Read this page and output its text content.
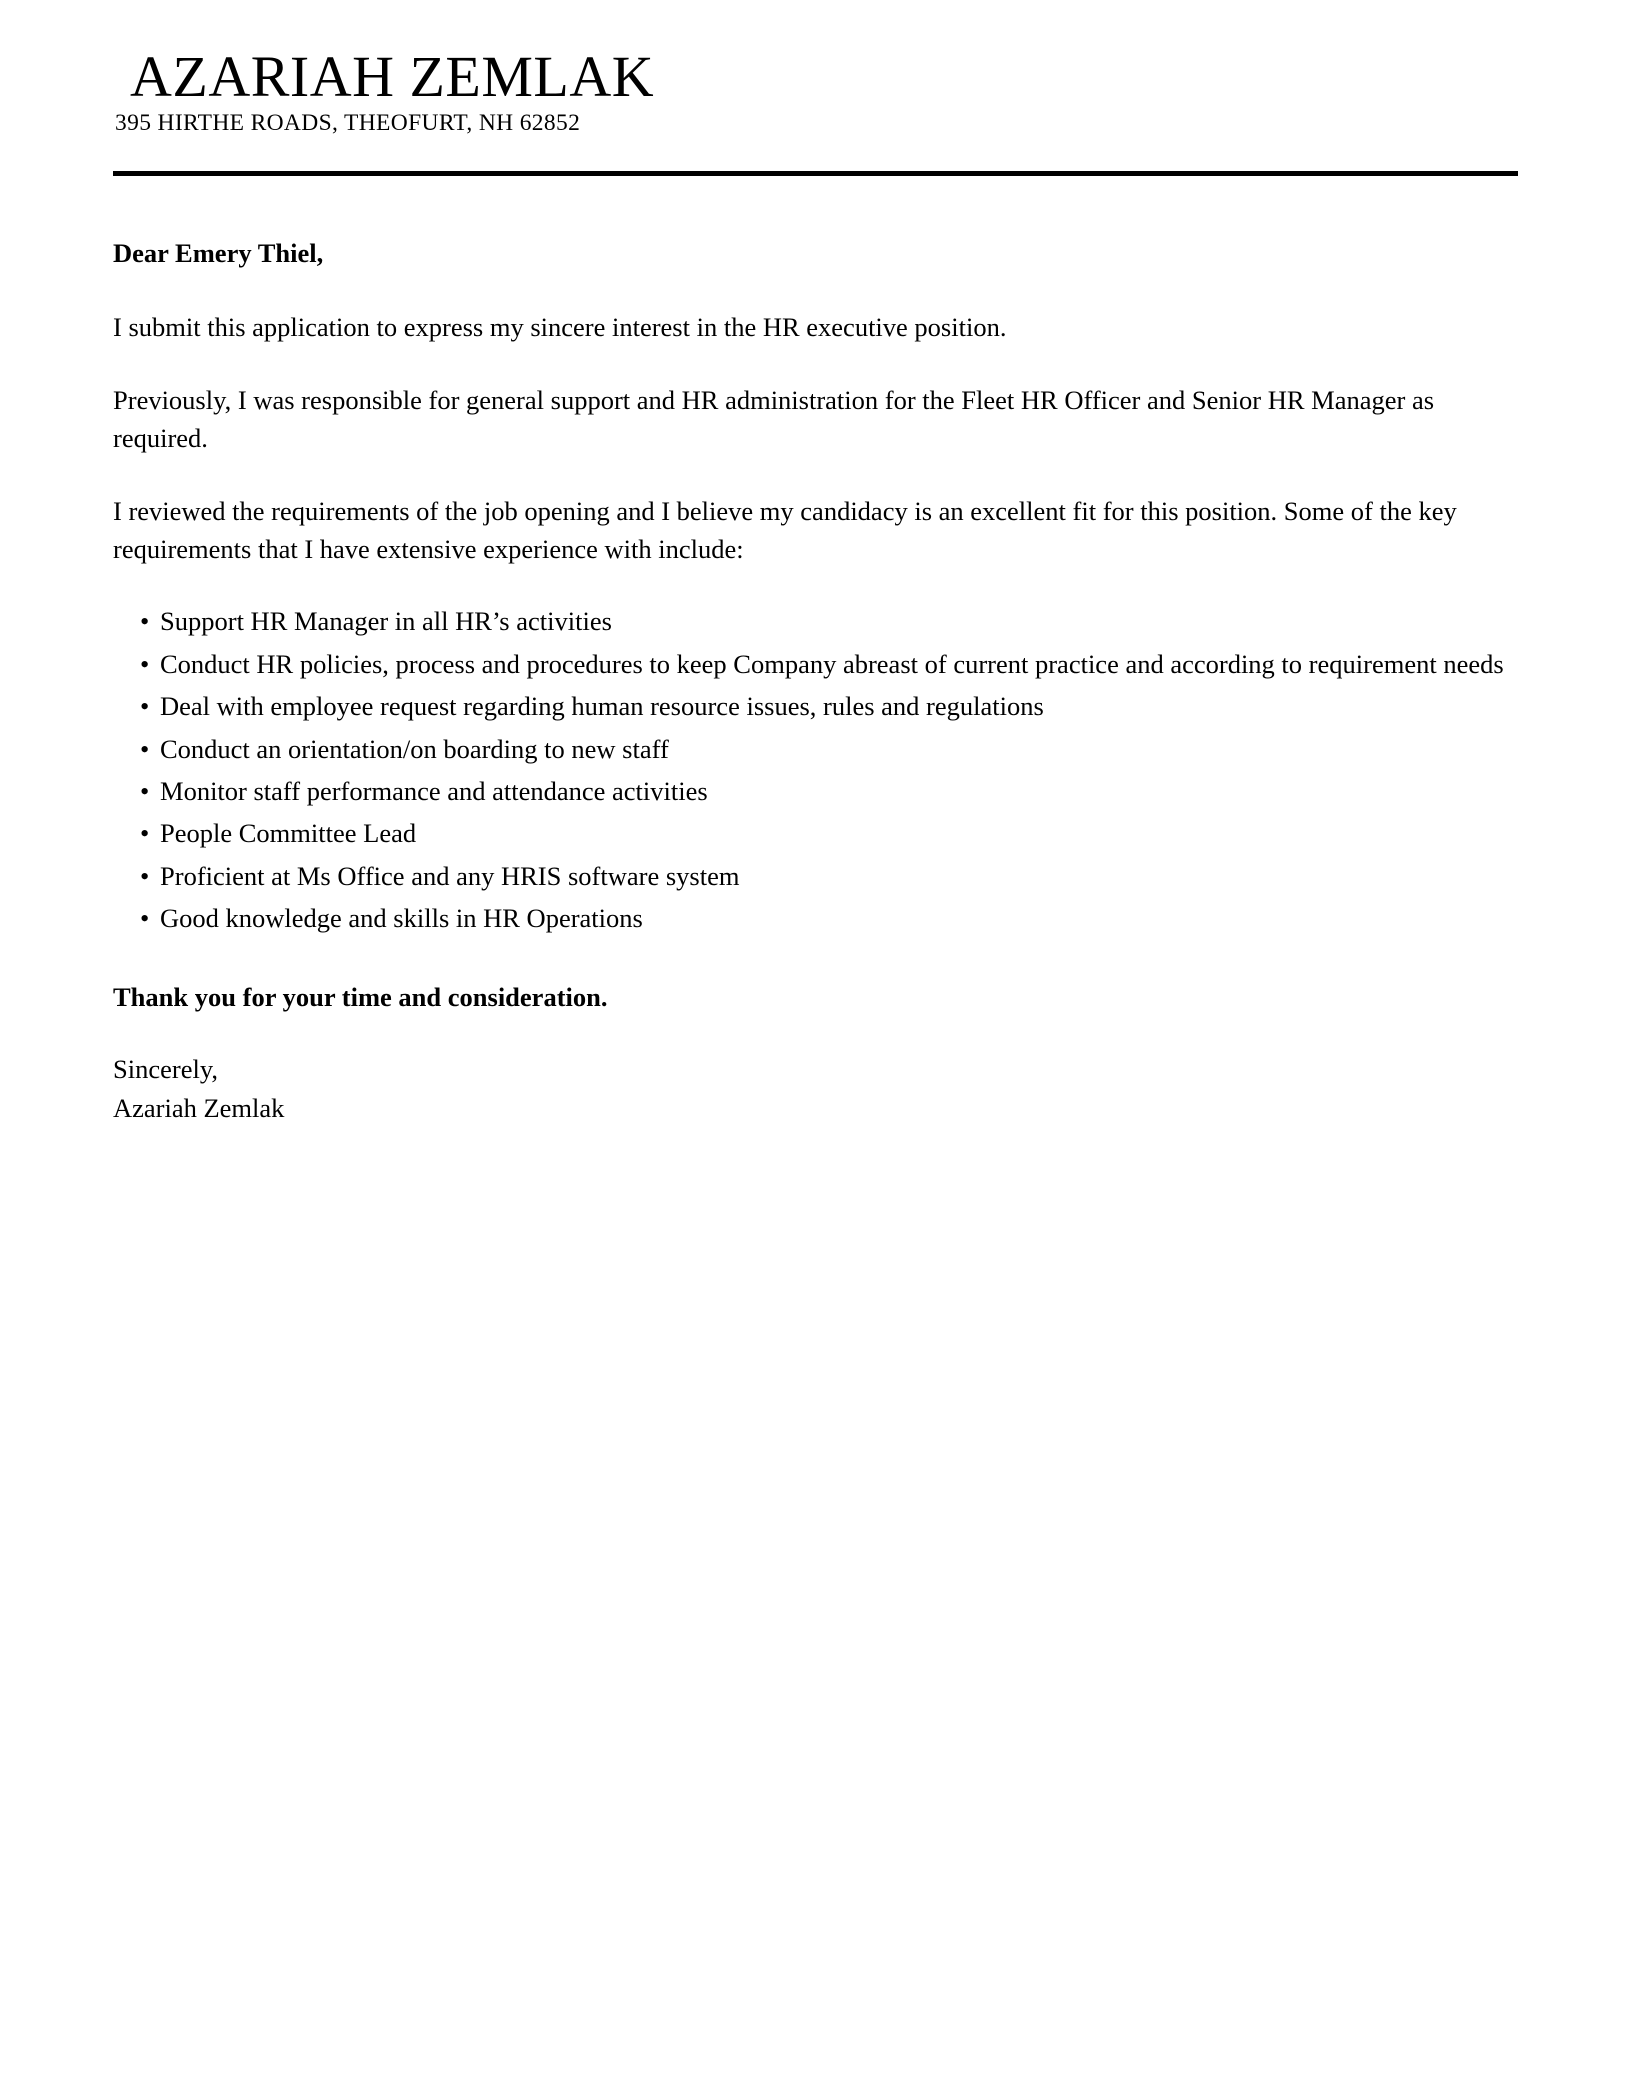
AZARIAH ZEMLAK
395 HIRTHE ROADS, THEOFURT, NH 62852

Dear Emery Thiel,

I submit this application to express my sincere interest in the HR executive position.

Previously, I was responsible for general support and HR administration for the Fleet HR Officer and Senior HR Manager as required.

I reviewed the requirements of the job opening and I believe my candidacy is an excellent fit for this position. Some of the key requirements that I have extensive experience with include:

• Support HR Manager in all HR’s activities
• Conduct HR policies, process and procedures to keep Company abreast of current practice and according to requirement needs
• Deal with employee request regarding human resource issues, rules and regulations
• Conduct an orientation/on boarding to new staff
• Monitor staff performance and attendance activities
• People Committee Lead
• Proficient at Ms Office and any HRIS software system
• Good knowledge and skills in HR Operations

Thank you for your time and consideration.

Sincerely,
Azariah Zemlak
